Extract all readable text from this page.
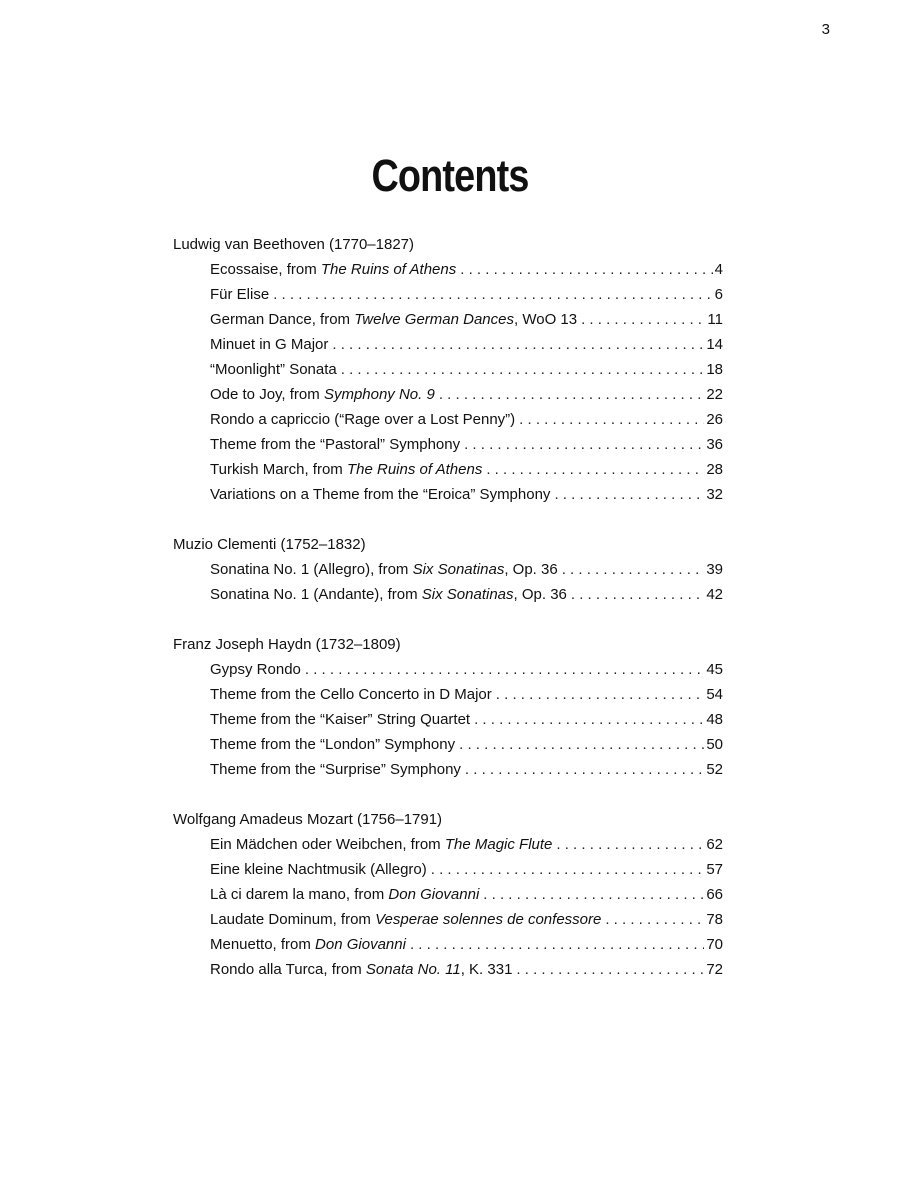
3
Contents
Ludwig van Beethoven (1770–1827)
Ecossaise, from The Ruins of Athens . . .	4
Für Elise . . .	6
German Dance, from Twelve German Dances, WoO 13 . . .	11
Minuet in G Major . . .	14
“Moonlight” Sonata . . .	18
Ode to Joy, from Symphony No. 9 . . .	22
Rondo a capriccio (“Rage over a Lost Penny”) . . .	26
Theme from the “Pastoral” Symphony . . .	36
Turkish March, from The Ruins of Athens . . .	28
Variations on a Theme from the “Eroica” Symphony . . .	32
Muzio Clementi (1752–1832)
Sonatina No. 1 (Allegro), from Six Sonatinas, Op. 36 . . .	39
Sonatina No. 1 (Andante), from Six Sonatinas, Op. 36 . . .	42
Franz Joseph Haydn (1732–1809)
Gypsy Rondo . . .	45
Theme from the Cello Concerto in D Major . . .	54
Theme from the “Kaiser” String Quartet . . .	48
Theme from the “London” Symphony . . .	50
Theme from the “Surprise” Symphony . . .	52
Wolfgang Amadeus Mozart (1756–1791)
Ein Mädchen oder Weibchen, from The Magic Flute . . .	62
Eine kleine Nachtmusik (Allegro) . . .	57
Là ci darem la mano, from Don Giovanni . . .	66
Laudate Dominum, from Vesperae solennes de confessore . . .	78
Menuetto, from Don Giovanni . . .	70
Rondo alla Turca, from Sonata No. 11, K. 331 . . .	72
